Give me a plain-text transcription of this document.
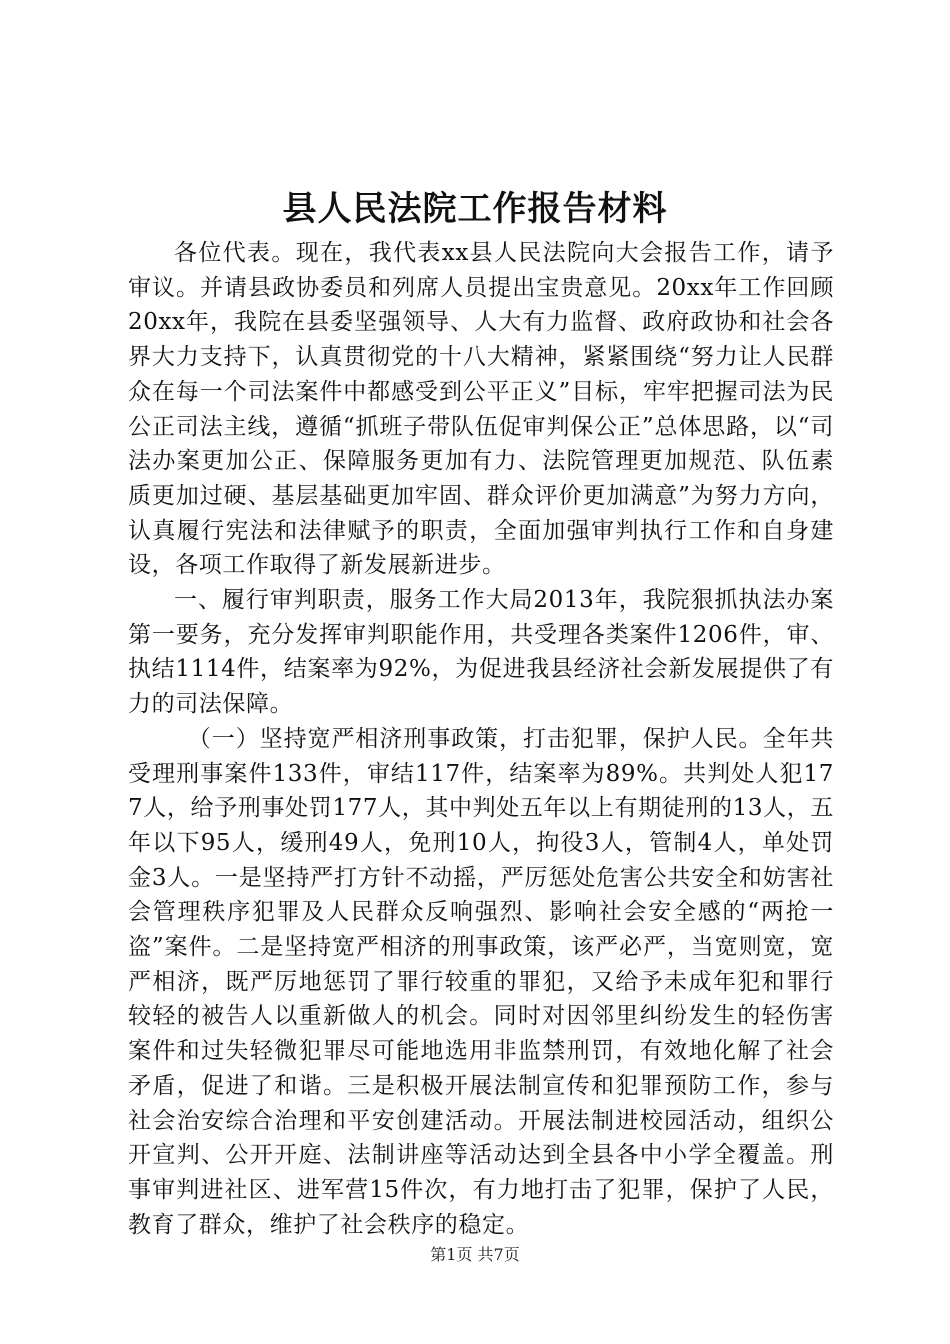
县人民法院工作报告材料

各位代表。现在，我代表xx县人民法院向大会报告工作，请予审议。并请县政协委员和列席人员提出宝贵意见。20xx年工作回顾20xx年，我院在县委坚强领导、人大有力监督、政府政协和社会各界大力支持下，认真贯彻党的十八大精神，紧紧围绕“努力让人民群众在每一个司法案件中都感受到公平正义”目标，牢牢把握司法为民公正司法主线，遵循“抓班子带队伍促审判保公正”总体思路，以“司法办案更加公正、保障服务更加有力、法院管理更加规范、队伍素质更加过硬、基层基础更加牢固、群众评价更加满意”为努力方向，认真履行宪法和法律赋予的职责，全面加强审判执行工作和自身建设，各项工作取得了新发展新进步。

一、履行审判职责，服务工作大局2013年，我院狠抓执法办案第一要务，充分发挥审判职能作用，共受理各类案件1206件，审、执结1114件，结案率为92%，为促进我县经济社会新发展提供了有力的司法保障。

（一）坚持宽严相济刑事政策，打击犯罪，保护人民。全年共受理刑事案件133件，审结117件，结案率为89%。共判处人犯177人，给予刑事处罚177人，其中判处五年以上有期徒刑的13人，五年以下95人，缓刑49人，免刑10人，拘役3人，管制4人，单处罚金3人。一是坚持严打方针不动摇，严厉惩处危害公共安全和妨害社会管理秩序犯罪及人民群众反响强烈、影响社会安全感的“两抢一盗”案件。二是坚持宽严相济的刑事政策，该严必严，当宽则宽，宽严相济，既严厉地惩罚了罪行较重的罪犯，又给予未成年犯和罪行较轻的被告人以重新做人的机会。同时对因邻里纠纷发生的轻伤害案件和过失轻微犯罪尽可能地选用非监禁刑罚，有效地化解了社会矛盾，促进了和谐。三是积极开展法制宣传和犯罪预防工作，参与社会治安综合治理和平安创建活动。开展法制进校园活动，组织公开宣判、公开开庭、法制讲座等活动达到全县各中小学全覆盖。刑事审判进社区、进军营15件次，有力地打击了犯罪，保护了人民，教育了群众，维护了社会秩序的稳定。

第1页 共7页
